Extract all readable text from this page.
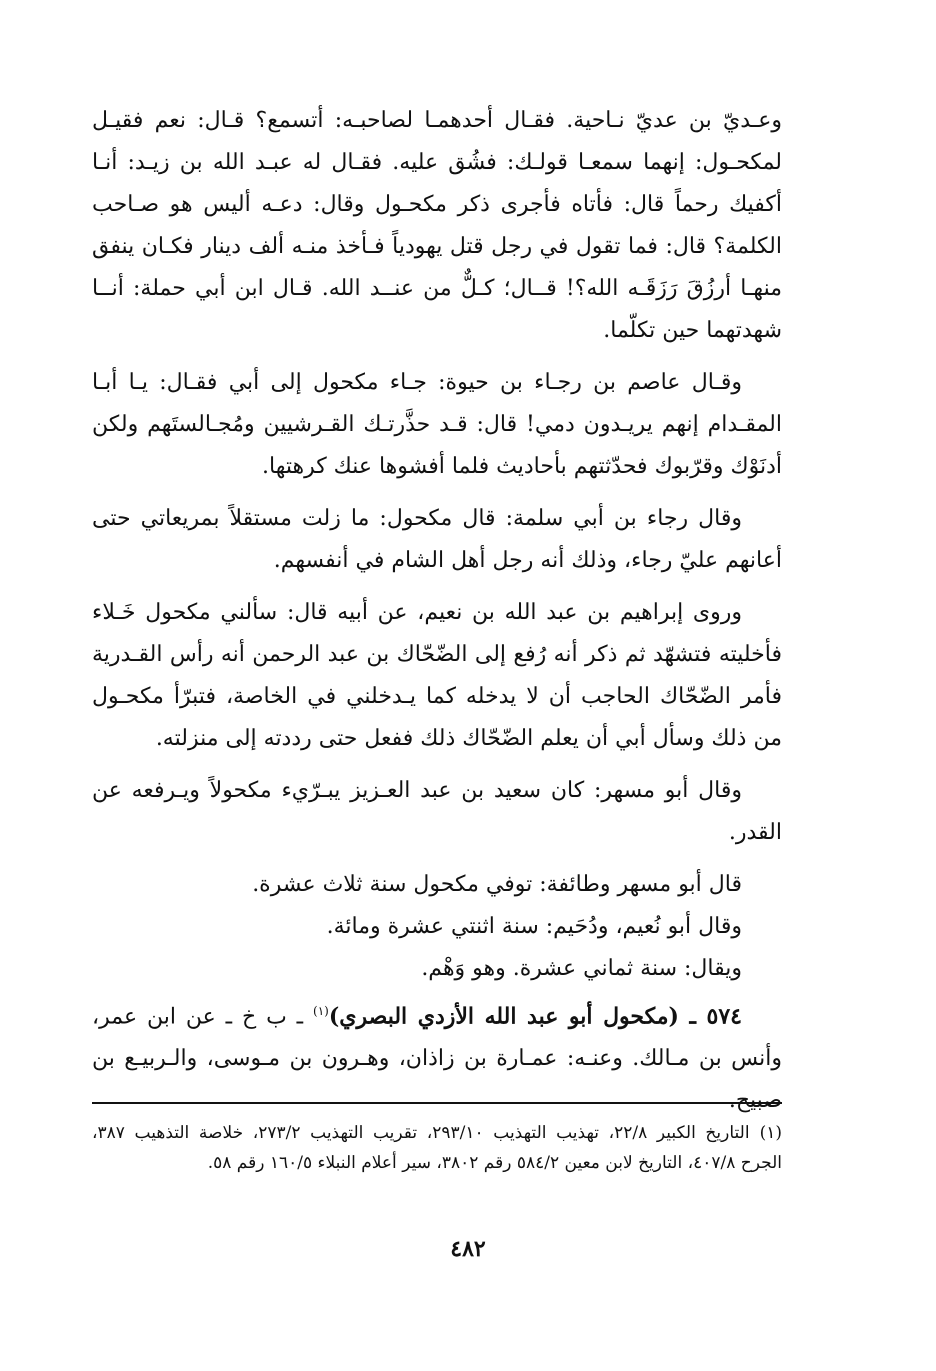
وعـديّ بن عديّ نـاحية. فقـال أحدهمـا لصاحبـه: أتسمع؟ قـال: نعم فقيـل لمكحـول: إنهما سمعـا قولـك: فشُق عليه. فقـال له عبـد الله بن زيـد: أنـا أكفيك رحماً قال: فأتاه فأجرى ذكر مكحـول وقال: دعـه أليس هو صـاحب الكلمة؟ قال: فما تقول في رجل قتل يهودياً فـأخذ منـه ألف دينار فكـان ينفق منهـا أرزُقَ رَزَقَـه الله؟! قــال؛ كـلٌّ من عنــد الله. قـال ابن أبي حملة: أنــا شهدتهما حين تكلّما.

وقـال عاصم بن رجـاء بن حيوة: جـاء مكحول إلى أبي فقـال: يـا أبـا المقـدام إنهم يريـدون دمي! قال: قـد حذَّرتـك القـرشيين ومُجـالستَهم ولكن أدنَوْك وقرّبوك فحدّثتهم بأحاديث فلما أفشوها عنك كرهتها.

وقال رجاء بن أبي سلمة: قال مكحول: ما زلت مستقلاً بمريعاتي حتى أعانهم عليّ رجاء، وذلك أنه رجل أهل الشام في أنفسهم.

وروى إبراهيم بن عبد الله بن نعيم، عن أبيه قال: سألني مكحول خَـلاء فأخليته فتشهّد ثم ذكر أنه رُفع إلى الضّحّاك بن عبد الرحمن أنه رأس القـدرية فأمر الضّحّاك الحاجب أن لا يدخله كما يـدخلني في الخاصة، فتبرّأ مكحـول من ذلك وسأل أبي أن يعلم الضّحّاك ذلك ففعل حتى رددته إلى منزلته.

وقال أبو مسهر: كان سعيد بن عبد العـزيز يبـرّيء مكحولاً ويـرفعه عن القدر.

قال أبو مسهر وطائفة: توفي مكحول سنة ثلاث عشرة.

وقال أبو نُعيم، ودُحَيم: سنة اثنتي عشرة ومائة.

ويقال: سنة ثماني عشرة. وهو وَهْم.

٥٧٤ ـ (مكحول أبو عبد الله الأزدي البصري)$^{(١)}$ ـ ب خ ـ عن ابن عمر، وأنس بن مـالك. وعنـه: عمـارة بن زاذان، وهـرون بن مـوسى، والـربيـع بن صبيح.

(١)التاريخ الكبير ٢٢/٨، تهذيب التهذيب ٢٩٣/١٠، تقريب التهذيب ٢٧٣/٢، خلاصة التذهيب ٣٨٧، الجرح ٤٠٧/٨، التاريخ لابن معين ٥٨٤/٢ رقم ٣٨٠٢، سير أعلام النبلاء ١٦٠/٥ رقم ٥٨.
٤٨٢
